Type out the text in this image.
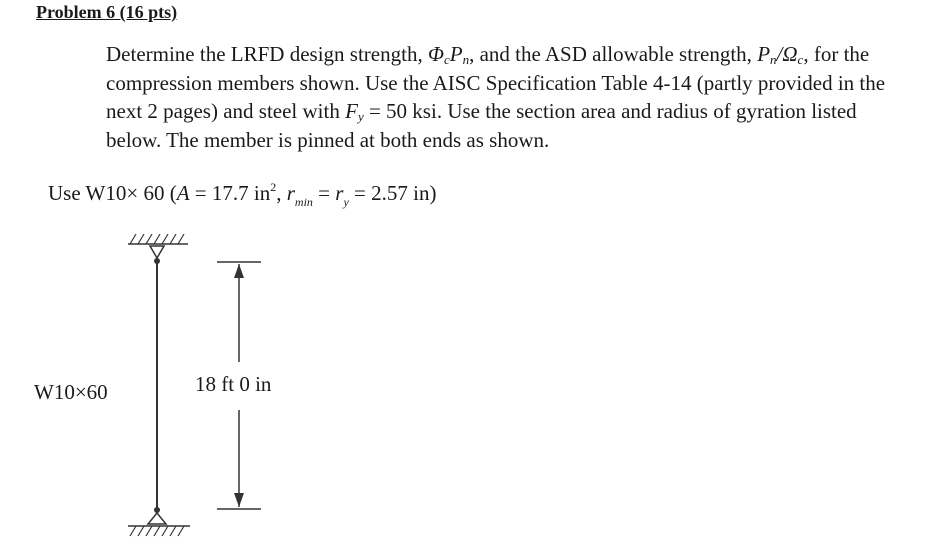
Problem 6 (16 pts)

Determine the LRFD design strength, $\Phi_cP_n$, and the ASD allowable strength, $P_n/\Omega_c$, for the compression members shown. Use the AISC Specification Table 4-14 (partly provided in the next 2 pages) and steel with $F_y = 50$ ksi. Use the section area and radius of gyration listed below. The member is pinned at both ends as shown.

Use W10× 60 (A = 17.7 $in^2$, $r_{min} = r_y = 2.57$ in)
18 ft 0 in
W10×60
